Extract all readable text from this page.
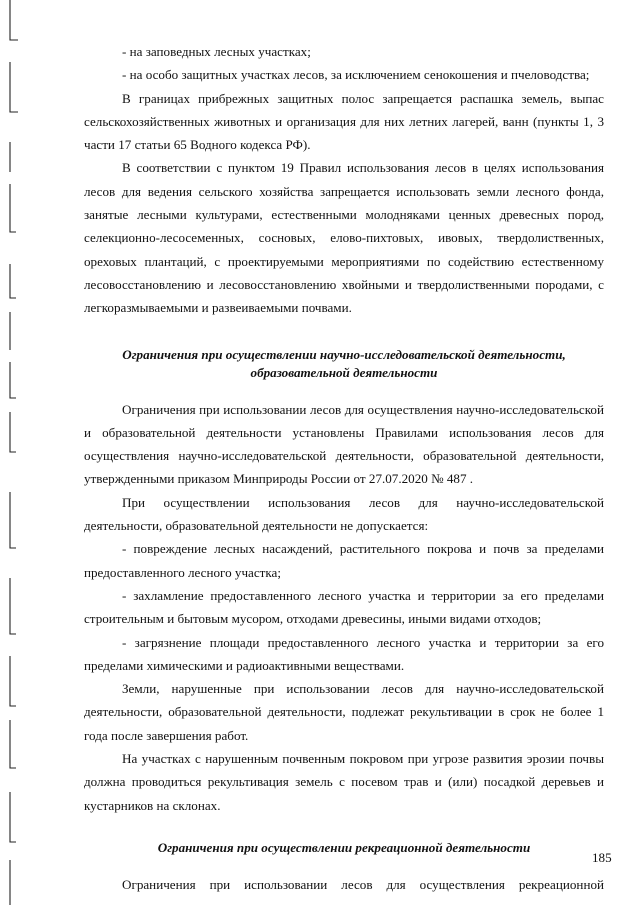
- на заповедных лесных участках;

- на особо защитных участках лесов, за исключением сенокошения и пчеловодства;

В границах прибрежных защитных полос запрещается распашка земель, выпас сельскохозяйственных животных и организация для них летних лагерей, ванн (пункты 1, 3 части 17 статьи 65 Водного кодекса РФ).

В соответствии с пунктом 19 Правил использования лесов в целях использования лесов для ведения сельского хозяйства запрещается использовать земли лесного фонда, занятые лесными культурами, естественными молодняками ценных древесных пород, селекционно-лесосеменных, сосновых, елово-пихтовых, ивовых, твердолиственных, ореховых плантаций, с проектируемыми мероприятиями по содействию естественному лесовосстановлению и лесовосстановлению хвойными и твердолиственными породами, с легкоразмываемыми и развеиваемыми почвами.

Ограничения при осуществлении научно-исследовательской деятельности,
образовательной деятельности

Ограничения при использовании лесов для осуществления научно-исследовательской и образовательной деятельности установлены Правилами использования лесов для осуществления научно-исследовательской деятельности, образовательной деятельности, утвержденными приказом Минприроды России от 27.07.2020 № 487 .

При осуществлении использования лесов для научно-исследовательской деятельности, образовательной деятельности не допускается:

- повреждение лесных насаждений, растительного покрова и почв за пределами предоставленного лесного участка;

- захламление предоставленного лесного участка и территории за его пределами строительным и бытовым мусором, отходами древесины, иными видами отходов;

- загрязнение площади предоставленного лесного участка и территории за его пределами химическими и радиоактивными веществами.

Земли, нарушенные при использовании лесов для научно-исследовательской деятельности, образовательной деятельности, подлежат рекультивации в срок не более 1 года после завершения работ.

На участках с нарушенным почвенным покровом при угрозе развития эрозии почвы должна проводиться рекультивация земель с посевом трав и (или) посадкой деревьев и кустарников на склонах.

Ограничения при осуществлении рекреационной деятельности

Ограничения при использовании лесов для осуществления рекреационной

185
